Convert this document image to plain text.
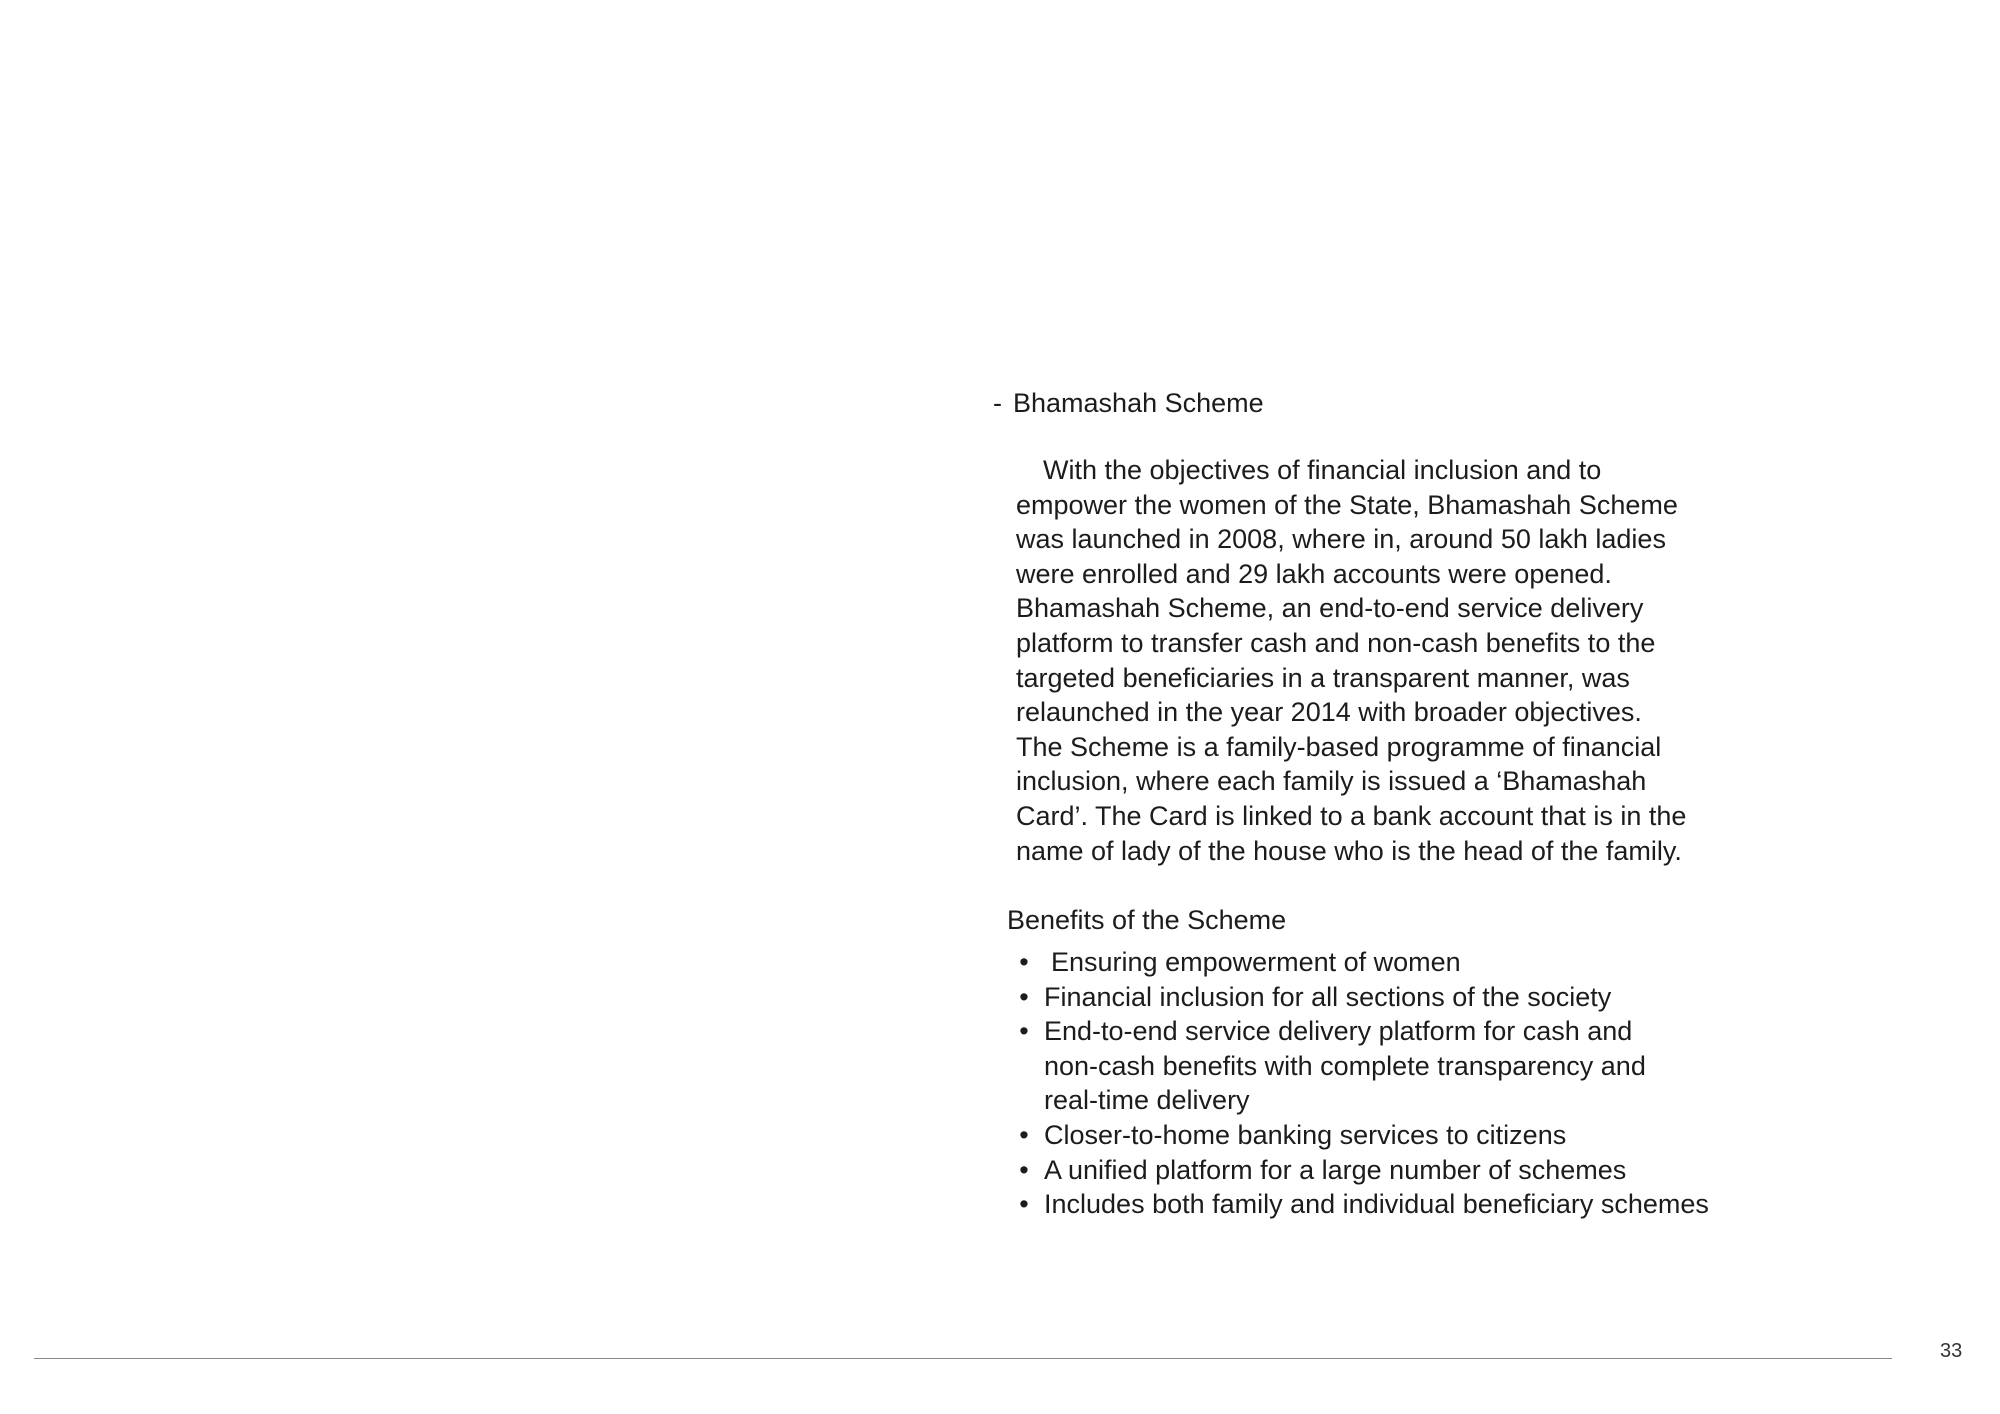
- Bhamashah Scheme

With the objectives of financial inclusion and to
empower the women of the State, Bhamashah Scheme
was launched in 2008, where in, around 50 lakh ladies
were enrolled and 29 lakh accounts were opened.
Bhamashah Scheme, an end-to-end service delivery
platform to transfer cash and non-cash benefits to the
targeted beneficiaries in a transparent manner, was
relaunched in the year 2014 with broader objectives.
The Scheme is a family-based programme of financial
inclusion, where each family is issued a ‘Bhamashah
Card’. The Card is linked to a bank account that is in the
name of lady of the house who is the head of the family.

Benefits of the Scheme
• Ensuring empowerment of women
• Financial inclusion for all sections of the society
• End-to-end service delivery platform for cash and
non-cash benefits with complete transparency and
real-time delivery
• Closer-to-home banking services to citizens
• A unified platform for a large number of schemes
• Includes both family and individual beneficiary schemes
33
